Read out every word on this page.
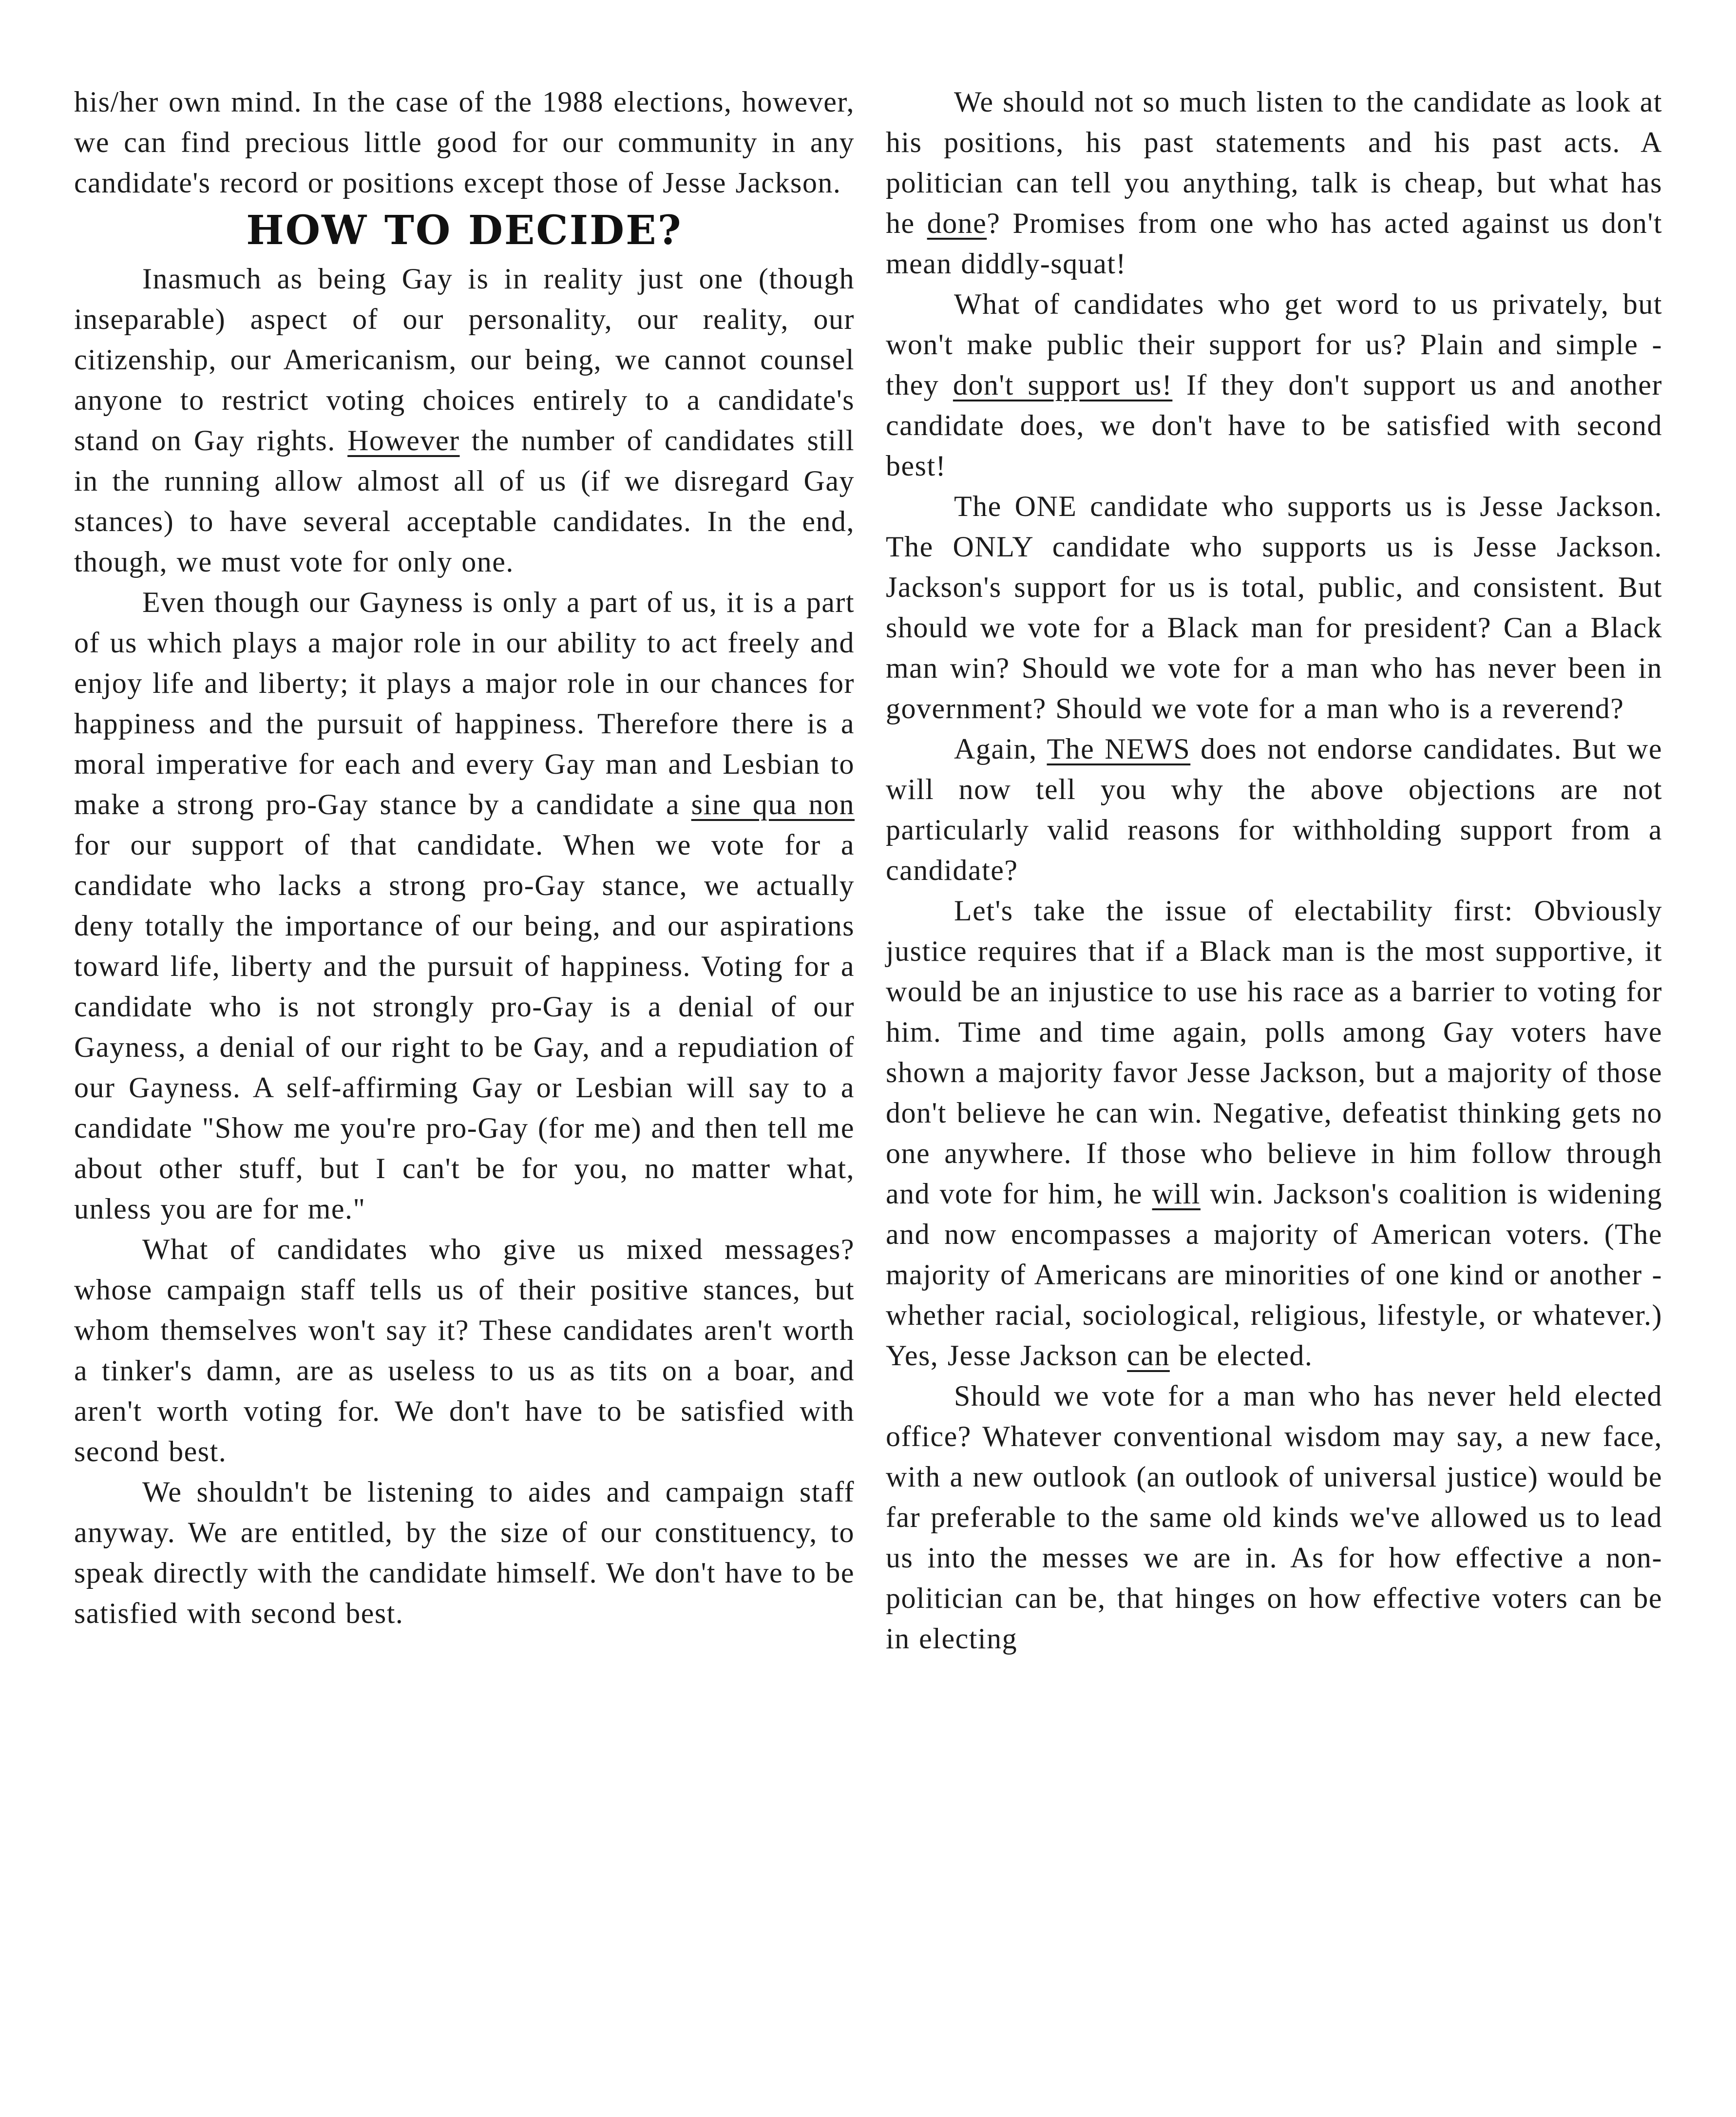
his/her own mind. In the case of the 1988 elections, however, we can find precious little good for our community in any candidate's record or positions except those of Jesse Jackson.

HOW TO DECIDE?

Inasmuch as being Gay is in reality just one (though inseparable) aspect of our personality, our reality, our citizenship, our Americanism, our being, we cannot counsel anyone to restrict voting choices entirely to a candidate's stand on Gay rights. However the number of candidates still in the running allow almost all of us (if we disregard Gay stances) to have several acceptable candidates. In the end, though, we must vote for only one.

Even though our Gayness is only a part of us, it is a part of us which plays a major role in our ability to act freely and enjoy life and liberty; it plays a major role in our chances for happiness and the pursuit of happiness. Therefore there is a moral imperative for each and every Gay man and Lesbian to make a strong pro-Gay stance by a candidate a sine qua non for our support of that candidate. When we vote for a candidate who lacks a strong pro-Gay stance, we actually deny totally the importance of our being, and our aspirations toward life, liberty and the pursuit of happiness. Voting for a candidate who is not strongly pro-Gay is a denial of our Gayness, a denial of our right to be Gay, and a repudiation of our Gayness. A self-affirming Gay or Lesbian will say to a candidate "Show me you're pro-Gay (for me) and then tell me about other stuff, but I can't be for you, no matter what, unless you are for me."

What of candidates who give us mixed messages? whose campaign staff tells us of their positive stances, but whom themselves won't say it? These candidates aren't worth a tinker's damn, are as useless to us as tits on a boar, and aren't worth voting for. We don't have to be satisfied with second best.

We shouldn't be listening to aides and campaign staff anyway. We are entitled, by the size of our constituency, to speak directly with the candidate himself. We don't have to be satisfied with second best.

We should not so much listen to the candidate as look at his positions, his past statements and his past acts. A politician can tell you anything, talk is cheap, but what has he done? Promises from one who has acted against us don't mean diddly-squat!

What of candidates who get word to us privately, but won't make public their support for us? Plain and simple - they don't support us! If they don't support us and another candidate does, we don't have to be satisfied with second best!

The ONE candidate who supports us is Jesse Jackson. The ONLY candidate who supports us is Jesse Jackson. Jackson's support for us is total, public, and consistent. But should we vote for a Black man for president? Can a Black man win? Should we vote for a man who has never been in government? Should we vote for a man who is a reverend?

Again, The NEWS does not endorse candidates. But we will now tell you why the above objections are not particularly valid reasons for withholding support from a candidate?

Let's take the issue of electability first: Obviously justice requires that if a Black man is the most supportive, it would be an injustice to use his race as a barrier to voting for him. Time and time again, polls among Gay voters have shown a majority favor Jesse Jackson, but a majority of those don't believe he can win. Negative, defeatist thinking gets no one anywhere. If those who believe in him follow through and vote for him, he will win. Jackson's coalition is widening and now encompasses a majority of American voters. (The majority of Americans are minorities of one kind or another - whether racial, sociological, religious, lifestyle, or whatever.) Yes, Jesse Jackson can be elected.

Should we vote for a man who has never held elected office? Whatever conventional wisdom may say, a new face, with a new outlook (an outlook of universal justice) would be far preferable to the same old kinds we've allowed us to lead us into the messes we are in. As for how effective a non-politician can be, that hinges on how effective voters can be in electing
